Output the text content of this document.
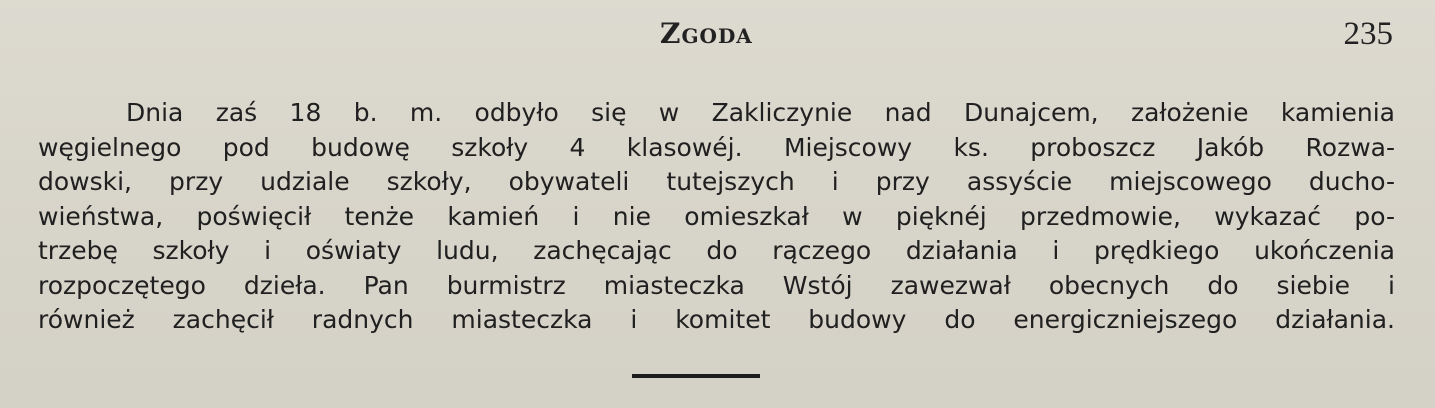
Zgoda	235
Dnia zaś 18 b. m. odbyło się w Zakliczynie nad Dunajcem, założenie kamienia
węgielnego pod budowę szkoły 4 klasowéj. Miejscowy ks. proboszcz Jakób Rozwa-
dowski, przy udziale szkoły, obywateli tutejszych i przy assyście miejscowego ducho-
wieństwa, poświęcił tenże kamień i nie omieszkał w pięknéj przedmowie, wykazać po-
trzebę szkoły i oświaty ludu, zachęcając do rączego działania i prędkiego ukończenia
rozpoczętego dzieła. Pan burmistrz miasteczka Wstój zawezwał obecnych do siebie i
również zachęcił radnych miasteczka i komitet budowy do energiczniejszego działania.
